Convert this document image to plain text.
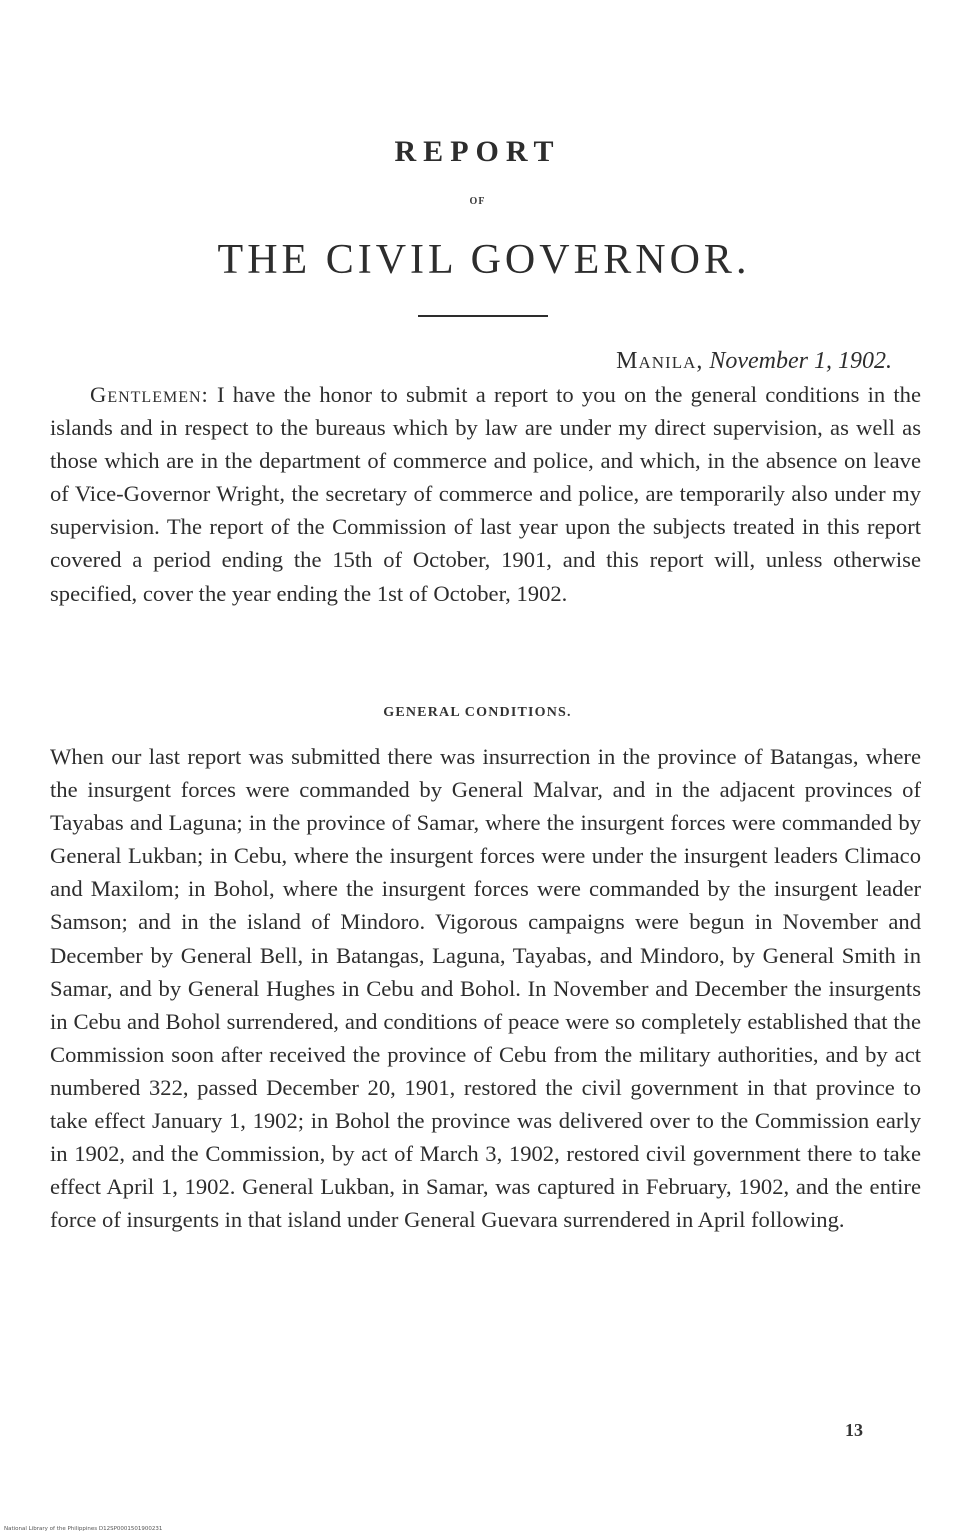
REPORT
OF
THE CIVIL GOVERNOR.
Manila, November 1, 1902.
Gentlemen: I have the honor to submit a report to you on the general conditions in the islands and in respect to the bureaus which by law are under my direct supervision, as well as those which are in the department of commerce and police, and which, in the absence on leave of Vice-Governor Wright, the secretary of commerce and police, are temporarily also under my supervision. The report of the Commission of last year upon the subjects treated in this report covered a period ending the 15th of October, 1901, and this report will, unless otherwise specified, cover the year ending the 1st of October, 1902.
GENERAL CONDITIONS.
When our last report was submitted there was insurrection in the province of Batangas, where the insurgent forces were commanded by General Malvar, and in the adjacent provinces of Tayabas and Laguna; in the province of Samar, where the insurgent forces were commanded by General Lukban; in Cebu, where the insurgent forces were under the insurgent leaders Climaco and Maxilom; in Bohol, where the insurgent forces were commanded by the insurgent leader Samson; and in the island of Mindoro. Vigorous campaigns were begun in November and December by General Bell, in Batangas, Laguna, Tayabas, and Mindoro, by General Smith in Samar, and by General Hughes in Cebu and Bohol. In November and December the insurgents in Cebu and Bohol surrendered, and conditions of peace were so completely established that the Commission soon after received the province of Cebu from the military authorities, and by act numbered 322, passed December 20, 1901, restored the civil government in that province to take effect January 1, 1902; in Bohol the province was delivered over to the Commission early in 1902, and the Commission, by act of March 3, 1902, restored civil government there to take effect April 1, 1902. General Lukban, in Samar, was captured in February, 1902, and the entire force of insurgents in that island under General Guevara surrendered in April following.
13
National Library of the Philippines D12SP0001501900231
